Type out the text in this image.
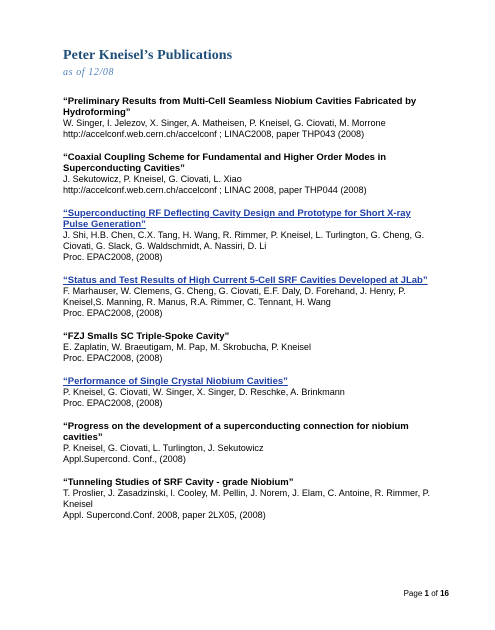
Peter Kneisel’s Publications
as of 12/08
“Preliminary Results from Multi-Cell Seamless Niobium Cavities Fabricated by Hydroforming”
W. Singer, I. Jelezov, X. Singer, A. Matheisen, P. Kneisel, G. Ciovati, M. Morrone
http://accelconf.web.cern.ch/accelconf ; LINAC2008, paper THP043 (2008)
“Coaxial Coupling Scheme for Fundamental and Higher Order Modes in Superconducting Cavities”
J. Sekutowicz, P. Kneisel, G. Ciovati, L. Xiao
http://accelconf.web.cern.ch/accelconf ; LINAC 2008, paper THP044 (2008)
“Superconducting RF Deflecting Cavity Design and Prototype for Short X-ray Pulse Generation”
J. Shi, H.B. Chen, C.X. Tang, H. Wang, R. Rimmer, P. Kneisel, L. Turlington, G. Cheng, G. Ciovati, G. Slack, G. Waldschmidt, A. Nassiri, D. Li
Proc. EPAC2008, (2008)
“Status and Test Results of High Current 5-Cell SRF Cavities Developed at JLab”
F. Marhauser, W. Clemens, G. Cheng, G. Ciovati, E.F. Daly, D. Forehand, J. Henry, P. Kneisel,S. Manning, R. Manus, R.A. Rimmer, C. Tennant, H. Wang
Proc. EPAC2008, (2008)
“FZJ Smalls SC Triple-Spoke Cavity”
E. Zaplatin, W. Braeutigam, M. Pap, M. Skrobucha, P. Kneisel
Proc. EPAC2008, (2008)
“Performance of Single Crystal Niobium Cavities”
P. Kneisel, G. Ciovati, W. Singer, X. Singer, D. Reschke, A. Brinkmann
Proc. EPAC2008, (2008)
“Progress on the development of a superconducting connection for niobium cavities”
P. Kneisel, G. Ciovati, L. Turlington, J. Sekutowicz
Appl.Supercond. Conf., (2008)
“Tunneling Studies of SRF Cavity - grade Niobium”
T. Proslier, J. Zasadzinski, l. Cooley, M. Pellin, J. Norem, J. Elam, C. Antoine, R. Rimmer, P. Kneisel
Appl. Supercond.Conf. 2008, paper 2LX05, (2008)
Page 1 of 16
